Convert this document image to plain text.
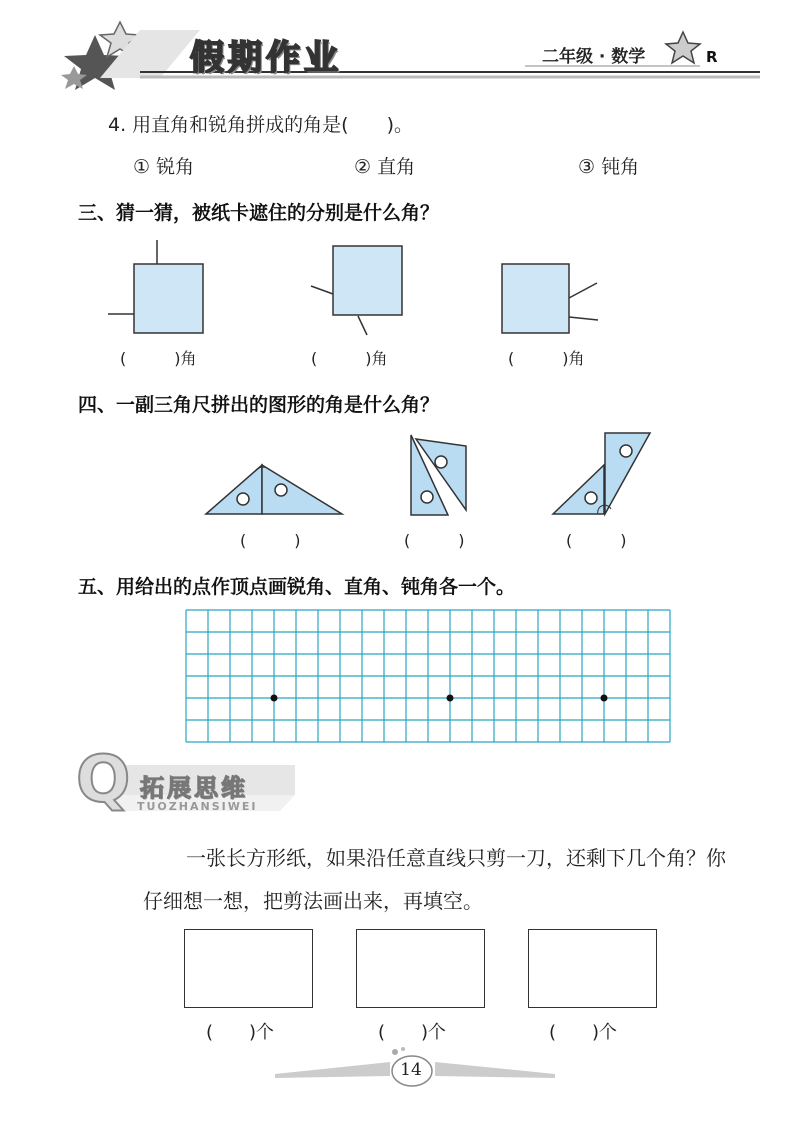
假期作业	二年级 · 数学	R
4. 用直角和锐角拼成的角是(　　)。
① 锐角	② 直角	③ 钝角
三、猜一猜，被纸卡遮住的分别是什么角？
(　　　)角	(　　　)角	(　　　)角
四、一副三角尺拼出的图形的角是什么角？
(　　　)	(　　　)	(　　　)
五、用给出的点作顶点画锐角、直角、钝角各一个。
Q 拓展思维
TUOZHANSIWEI
一张长方形纸，如果沿任意直线只剪一刀，还剩下几个角？你
仔细想一想，把剪法画出来，再填空。
(　　)个	(　　)个	(　　)个
14
